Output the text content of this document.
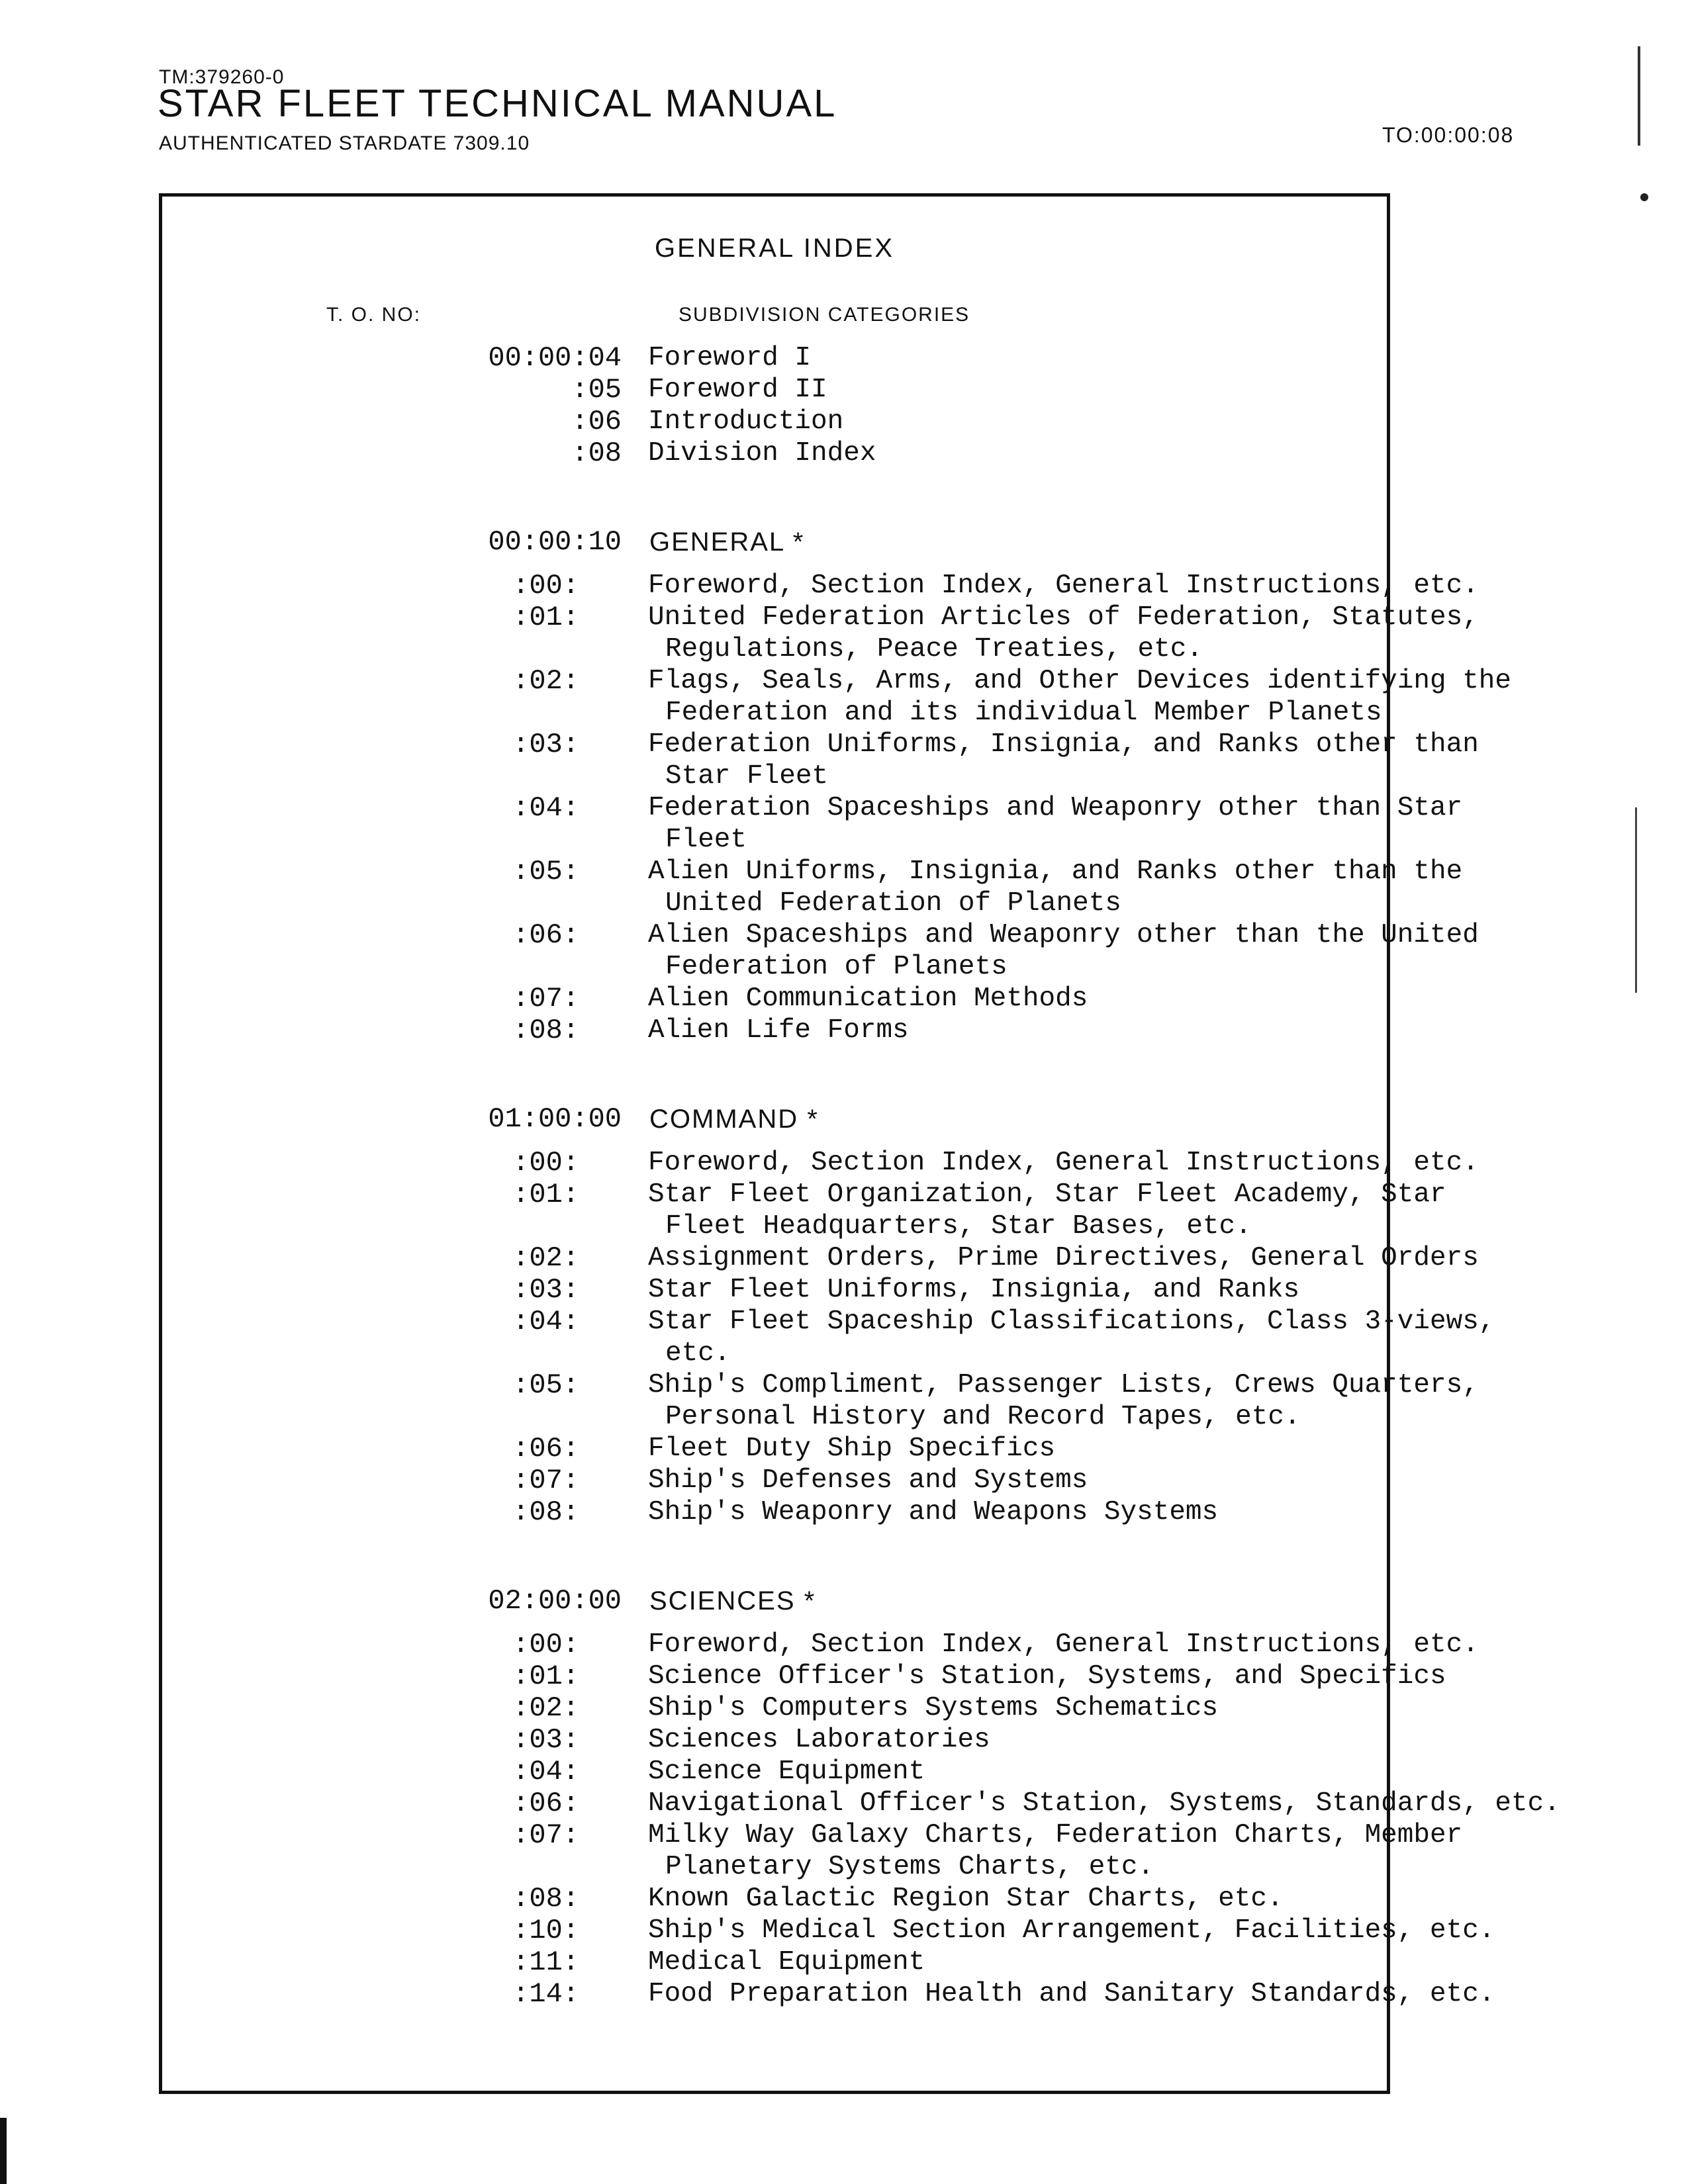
TM:379260-0
STAR FLEET TECHNICAL MANUAL
AUTHENTICATED STARDATE 7309.10	TO:00:00:08
GENERAL INDEX
T. O. NO:	SUBDIVISION CATEGORIES
00:00:04 Foreword I
:05 Foreword II
:06 Introduction
:08 Division Index
00:00:10 GENERAL *
:00:	Foreword, Section Index, General Instructions, etc.
:01:	United Federation Articles of Federation, Statutes,
Regulations, Peace Treaties, etc.
:02:	Flags, Seals, Arms, and Other Devices identifying the
Federation and its individual Member Planets
:03:	Federation Uniforms, Insignia, and Ranks other than
Star Fleet
:04:	Federation Spaceships and Weaponry other than Star
Fleet
:05:	Alien Uniforms, Insignia, and Ranks other than the
United Federation of Planets
:06:	Alien Spaceships and Weaponry other than the United
Federation of Planets
:07:	Alien Communication Methods
:08:	Alien Life Forms
01:00:00 COMMAND *
:00:	Foreword, Section Index, General Instructions, etc.
:01:	Star Fleet Organization, Star Fleet Academy, Star
Fleet Headquarters, Star Bases, etc.
:02:	Assignment Orders, Prime Directives, General Orders
:03:	Star Fleet Uniforms, Insignia, and Ranks
:04:	Star Fleet Spaceship Classifications, Class 3-views,
etc.
:05:	Ship's Compliment, Passenger Lists, Crews Quarters,
Personal History and Record Tapes, etc.
:06:	Fleet Duty Ship Specifics
:07:	Ship's Defenses and Systems
:08:	Ship's Weaponry and Weapons Systems
02:00:00 SCIENCES *
:00:	Foreword, Section Index, General Instructions, etc.
:01:	Science Officer's Station, Systems, and Specifics
:02:	Ship's Computers Systems Schematics
:03:	Sciences Laboratories
:04:	Science Equipment
:06:	Navigational Officer's Station, Systems, Standards, etc.
:07:	Milky Way Galaxy Charts, Federation Charts, Member
Planetary Systems Charts, etc.
:08:	Known Galactic Region Star Charts, etc.
:10:	Ship's Medical Section Arrangement, Facilities, etc.
:11:	Medical Equipment
:14:	Food Preparation Health and Sanitary Standards, etc.
